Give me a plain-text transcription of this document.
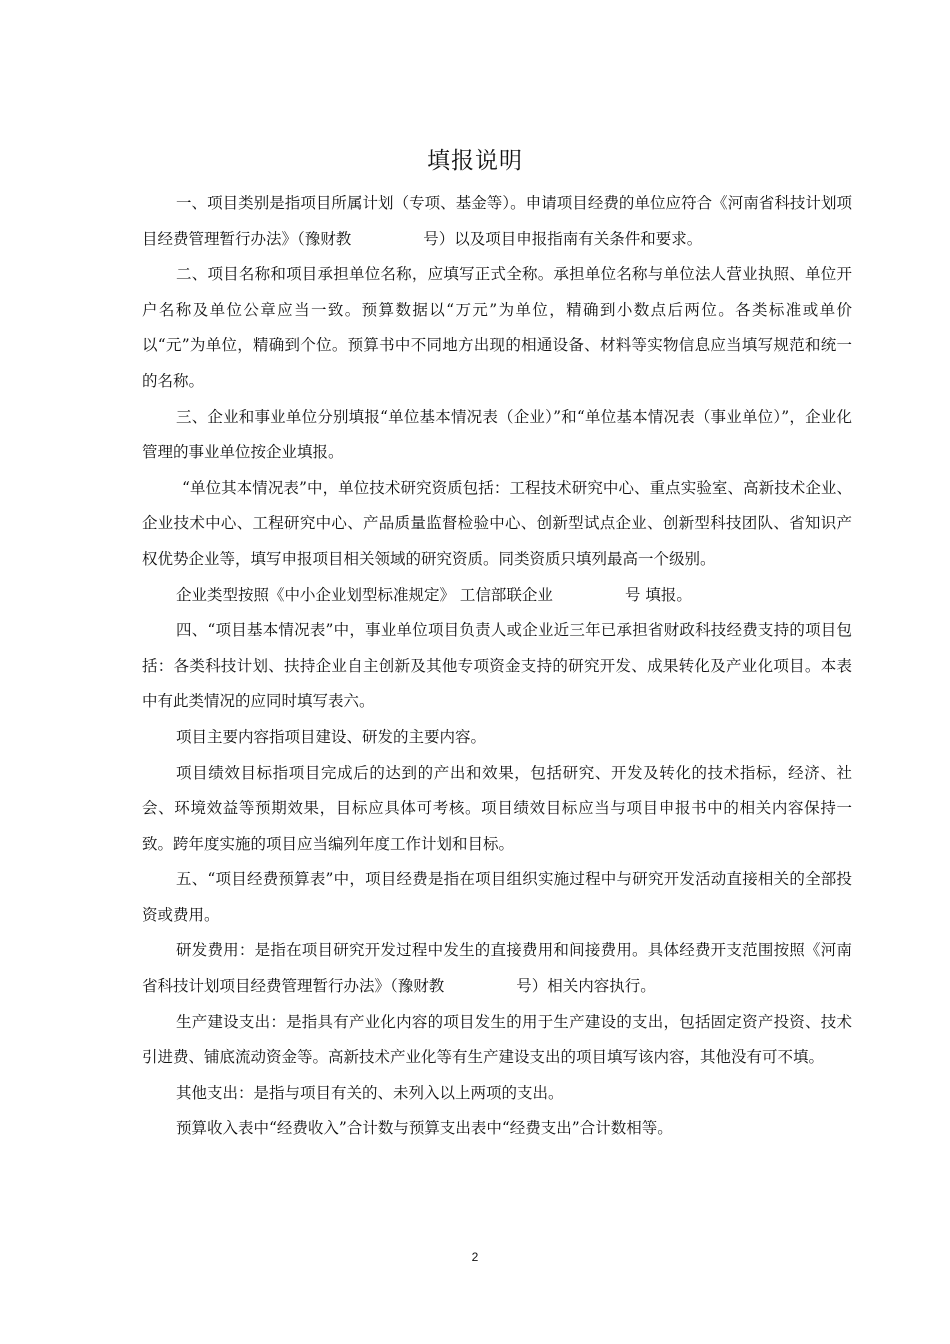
填报说明

一、项目类别是指项目所属计划（专项、基金等）。申请项目经费的单位应符合《河南省科技计划项目经费管理暂行办法》（豫财教	号）以及项目申报指南有关条件和要求。

二、项目名称和项目承担单位名称，应填写正式全称。承担单位名称与单位法人营业执照、单位开户名称及单位公章应当一致。预算数据以“万元”为单位，精确到小数点后两位。各类标准或单价以“元”为单位，精确到个位。预算书中不同地方出现的相通设备、材料等实物信息应当填写规范和统一的名称。

三、企业和事业单位分别填报“单位基本情况表（企业）”和“单位基本情况表（事业单位）”，企业化管理的事业单位按企业填报。

“单位其本情况表”中，单位技术研究资质包括：工程技术研究中心、重点实验室、高新技术企业、企业技术中心、工程研究中心、产品质量监督检验中心、创新型试点企业、创新型科技团队、省知识产权优势企业等，填写申报项目相关领域的研究资质。同类资质只填列最高一个级别。

企业类型按照《中小企业划型标准规定》 工信部联企业	号 填报。

四、“项目基本情况表”中，事业单位项目负责人或企业近三年已承担省财政科技经费支持的项目包括：各类科技计划、扶持企业自主创新及其他专项资金支持的研究开发、成果转化及产业化项目。本表中有此类情况的应同时填写表六。

项目主要内容指项目建设、研发的主要内容。

项目绩效目标指项目完成后的达到的产出和效果，包括研究、开发及转化的技术指标，经济、社会、环境效益等预期效果，目标应具体可考核。项目绩效目标应当与项目申报书中的相关内容保持一致。跨年度实施的项目应当编列年度工作计划和目标。

五、“项目经费预算表”中，项目经费是指在项目组织实施过程中与研究开发活动直接相关的全部投资或费用。

研发费用：是指在项目研究开发过程中发生的直接费用和间接费用。具体经费开支范围按照《河南省科技计划项目经费管理暂行办法》（豫财教	号）相关内容执行。

生产建设支出：是指具有产业化内容的项目发生的用于生产建设的支出，包括固定资产投资、技术引进费、铺底流动资金等。高新技术产业化等有生产建设支出的项目填写该内容，其他没有可不填。

其他支出：是指与项目有关的、未列入以上两项的支出。

预算收入表中“经费收入”合计数与预算支出表中“经费支出”合计数相等。

2
